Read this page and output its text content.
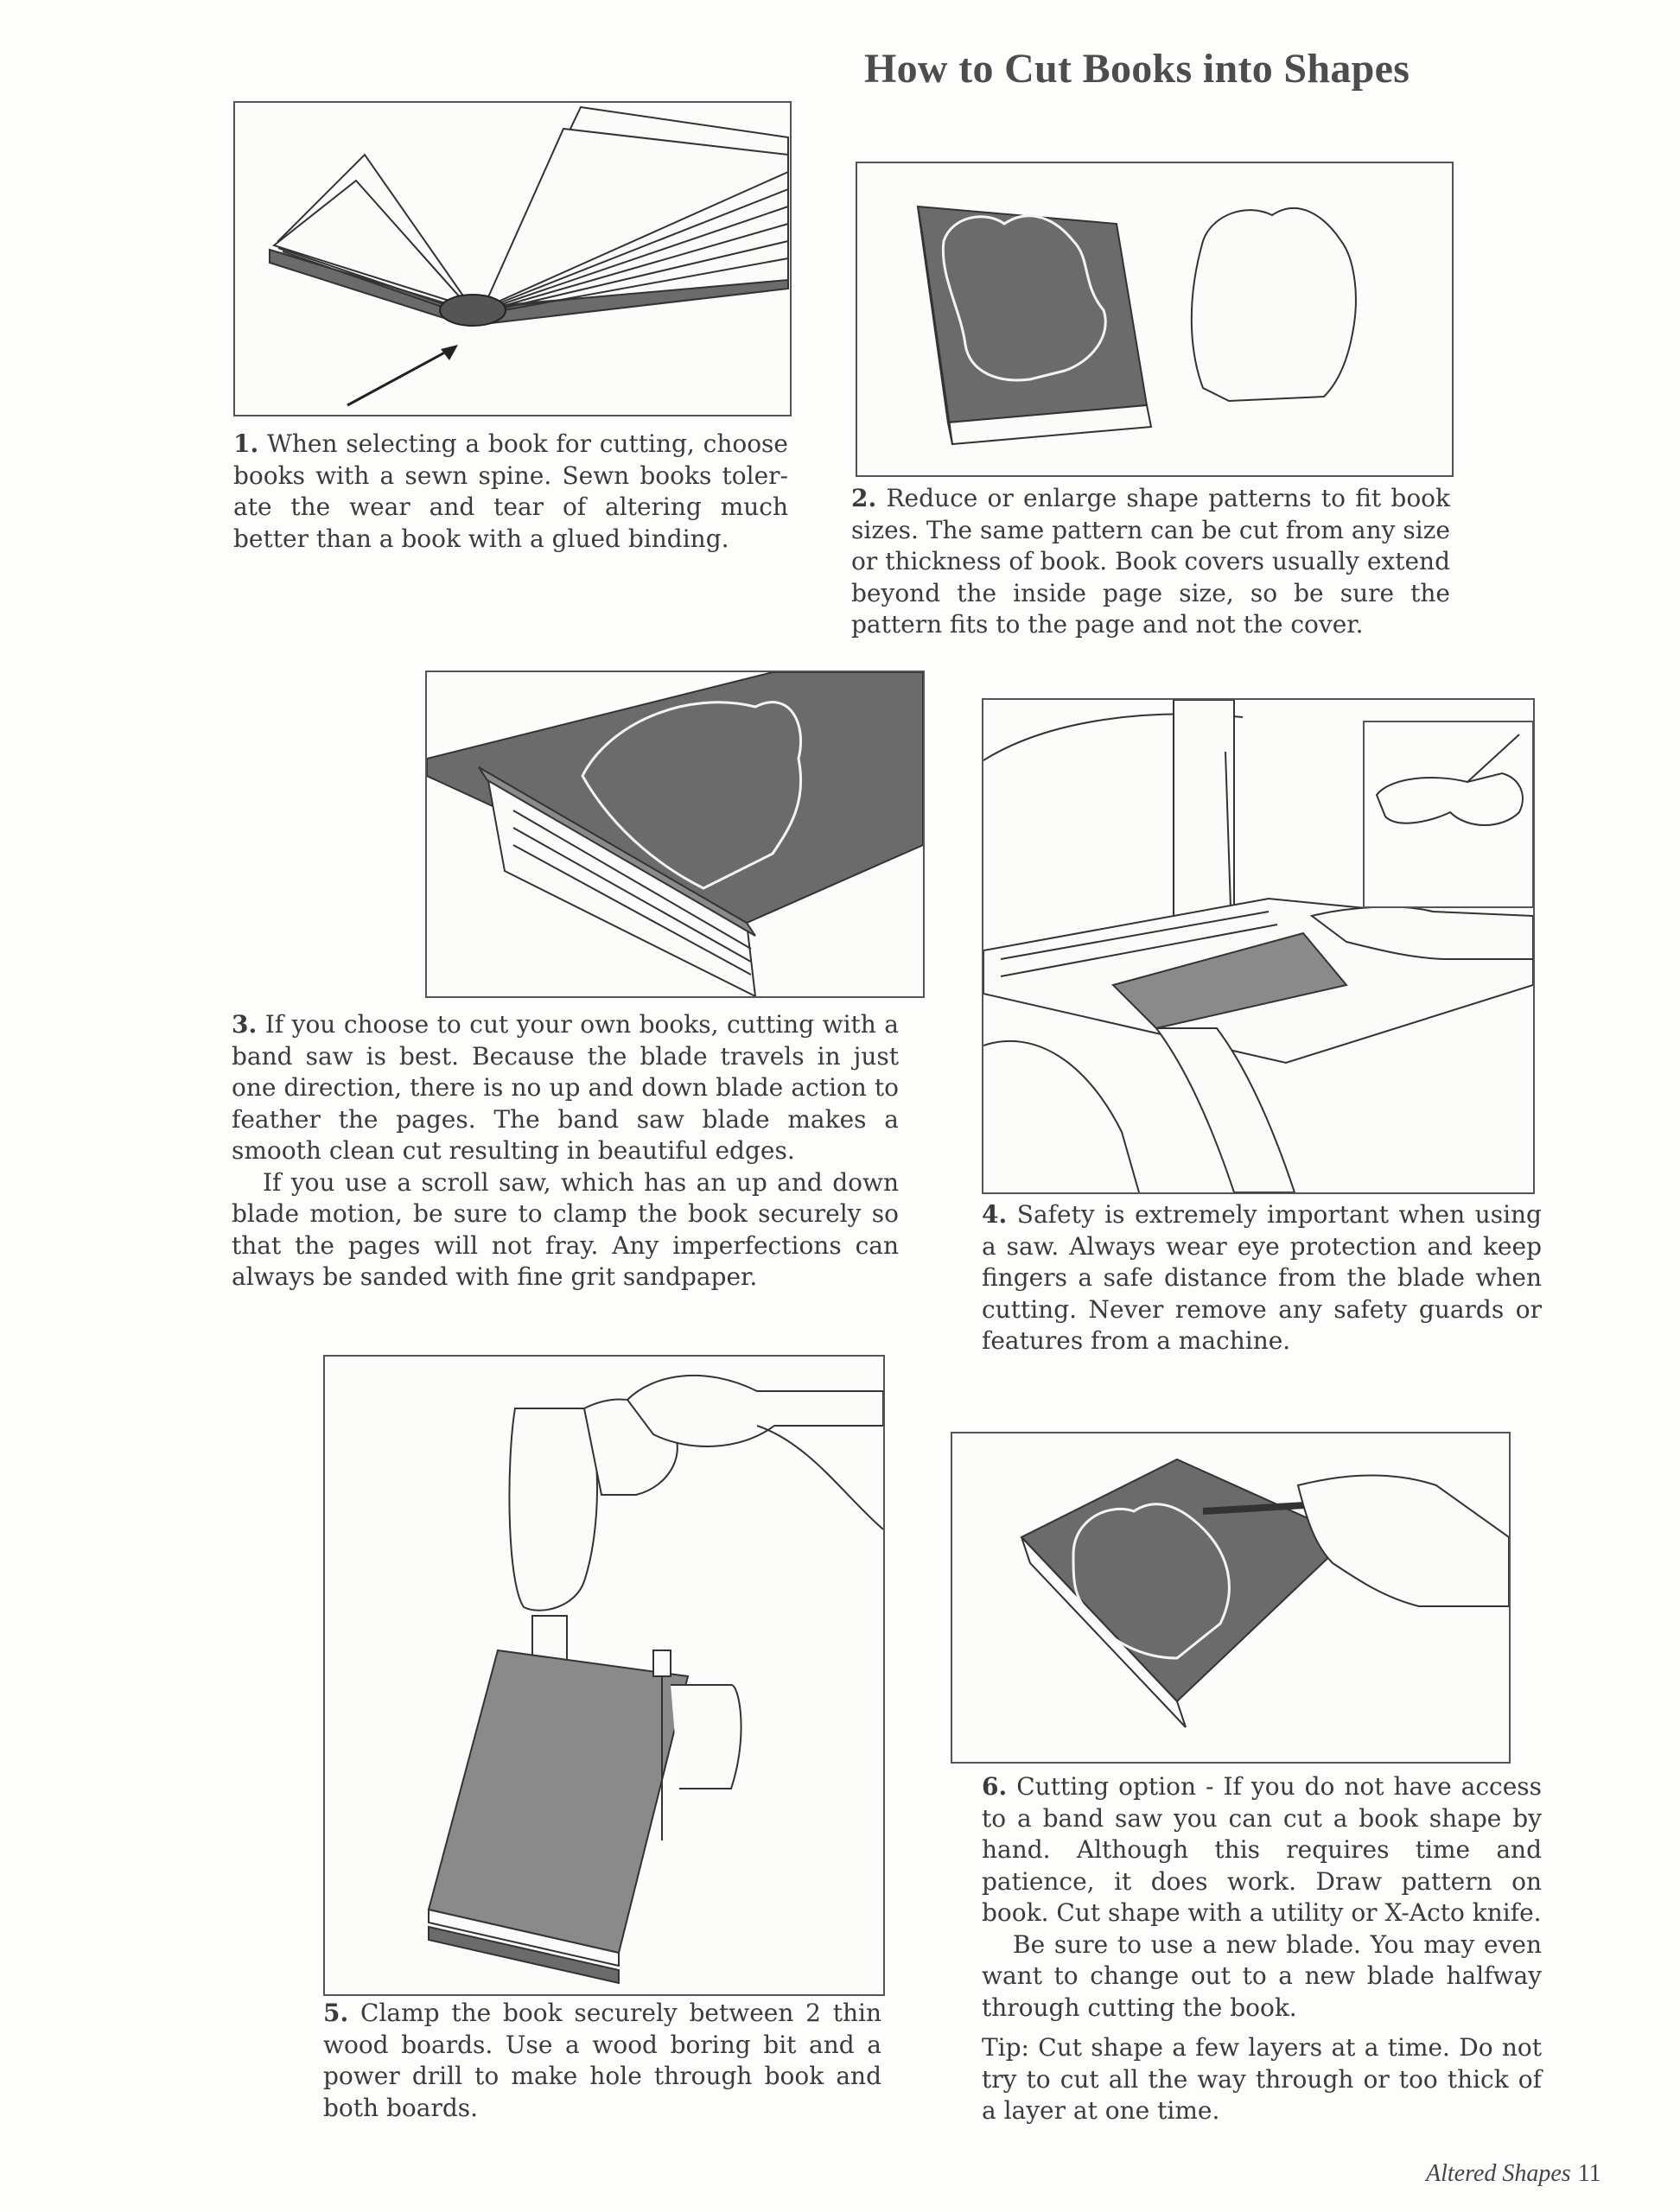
How to Cut Books into Shapes

1. When selecting a book for cutting, choose books with a sewn spine. Sewn books toler-ate the wear and tear of altering much better than a book with a glued binding.

2. Reduce or enlarge shape patterns to fit book sizes. The same pattern can be cut from any size or thickness of book. Book covers usually extend beyond the inside page size, so be sure the pattern fits to the page and not the cover.

3. If you choose to cut your own books, cutting with a band saw is best. Because the blade travels in just one direction, there is no up and down blade action to feather the pages. The band saw blade makes a smooth clean cut resulting in beautiful edges.

If you use a scroll saw, which has an up and down blade motion, be sure to clamp the book securely so that the pages will not fray. Any imperfections can always be sanded with fine grit sandpaper.

4. Safety is extremely important when using a saw. Always wear eye protection and keep fingers a safe distance from the blade when cutting. Never remove any safety guards or features from a machine.

5. Clamp the book securely between 2 thin wood boards. Use a wood boring bit and a power drill to make hole through book and both boards.

6. Cutting option - If you do not have access to a band saw you can cut a book shape by hand. Although this requires time and patience, it does work. Draw pattern on book. Cut shape with a utility or X-Acto knife.

Be sure to use a new blade. You may even want to change out to a new blade halfway through cutting the book.

Tip: Cut shape a few layers at a time. Do not try to cut all the way through or too thick of a layer at one time.

Altered Shapes 11
